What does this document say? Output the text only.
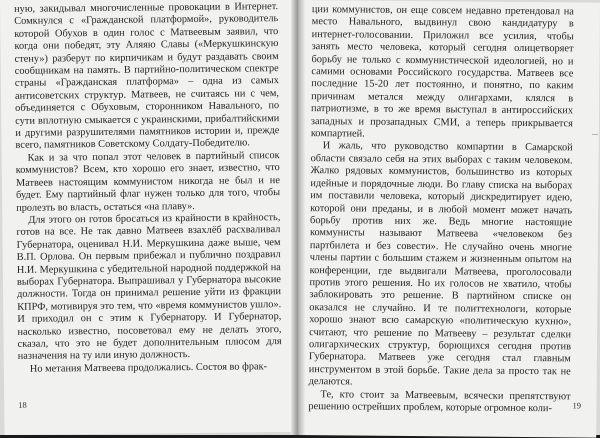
ную, закидывал многочисленные провокации в Интернет. Сомкнулся с «Гражданской платформой», руководитель которой Обухов в один голос с Матвеевым заявил, что когда они победят, эту Аляяю Славы («Меркушкинскую стену») разберут по кирпичикам и будут раздавать своим сообщникам на память. В партийно-политическом спектре страны «Гражданская платформа» – одна из самых антисоветских структур. Матвеев, не считаясь ни с чем, объединяется с Обуховым, сторонником Навального, по сути вплотную смыкается с украинскими, прибалтийскими и другими разрушителями памятников истории и, прежде всего, памятников Советскому Солдату-Победителю.

Как и за что попал этот человек в партийный список коммунистов? Всем, кто хорошо его знает, известно, что Матвеев настоящим коммунистом никогда не был и не будет. Ему партийный флаг нужен только для того, чтобы пролезть во власть, остаться «на плаву».

Для этого он готов бросаться из крайности в крайность, готов на все. Не так давно Матвеев взахлёб расхваливал Губернатора, оценивал Н.И. Меркушкина даже выше, чем В.П. Орлова. Он первым прибежал и публично поздравил Н.И. Меркушкина с убедительной народной поддержкой на выборах Губернатора. Выпрашивал у Губернатора высокие должности. Тогда он принимал решение уйти из фракции КПРФ, мотивируя это тем, что «время коммунистов ушло». И приходил он с этим к Губернатору. И Губернатор, насколько известно, посоветовал ему не делать этого, сказал, что это не будет дополнительным плюсом для назначения на ту или иную должность.

Но метания Матвеева продолжались. Состоя во фрак-

18

ции коммунистов, он еще совсем недавно претендовал на место Навального, выдвинул свою кандидатуру в интернет-голосовании. Приложил все усилия, чтобы занять место человека, который сегодня олицетворяет борьбу не только с коммунистической идеологией, но и самими основами Российского государства. Матвеев все последние 15-20 лет постоянно, и понятно, по каким причинам метался между олигархами, клялся в патриотизме, в то же время выступал в антироссийских западных и прозападных СМИ, а теперь прикрывается компартией.

И жаль, что руководство компартии в Самарской области связало себя на этих выборах с таким человеком. Жалко рядовых коммунистов, большинство из которых идейные и порядочные люди. Во главу списка на выборах им поставили человека, который дискредитирует идею, которой они преданы, и в любой момент может начать борьбу против них же. Ведь многие настоящие коммунисты называют Матвеева «человеком без партбилета и без совести». Не случайно очень многие члены партии с большим стажем и жизненным опытом на конференции, где выдвигали Матвеева, проголосовали против этого решения. Но их голосов не хватило, чтобы заблокировать это решение. В партийном списке он оказался не случайно. И те политтехнологи, которые хорошо знают всю самарскую «политическую кухню», считают, что решение по Матвееву – результат сделки олигархических структур, борющихся сегодня против Губернатора. Матвеев уже сегодня стал главным инструментом в этой борьбе. Такие дела за просто так не делаются.

Те, кто стоит за Матвеевым, всячески препятствуют решению острейших проблем, которые огромное коли-	19
...
